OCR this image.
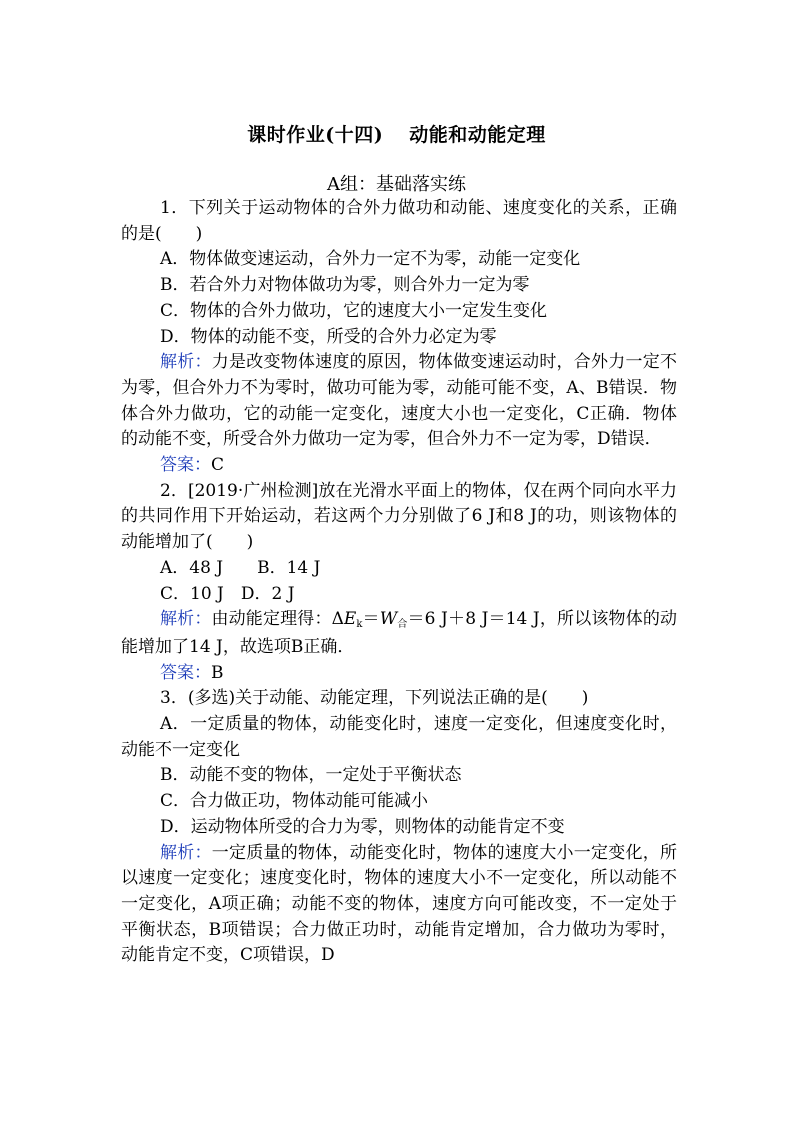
课时作业(十四) 动能和动能定理
A组：基础落实练

1．下列关于运动物体的合外力做功和动能、速度变化的关系，正确的是(　　)

A．物体做变速运动，合外力一定不为零，动能一定变化

B．若合外力对物体做功为零，则合外力一定为零

C．物体的合外力做功，它的速度大小一定发生变化

D．物体的动能不变，所受的合外力必定为零

解析：力是改变物体速度的原因，物体做变速运动时，合外力一定不为零，但合外力不为零时，做功可能为零，动能可能不变，A、B错误．物体合外力做功，它的动能一定变化，速度大小也一定变化，C正确．物体的动能不变，所受合外力做功一定为零，但合外力不一定为零，D错误．

答案：C

2．[2019·广州检测]放在光滑水平面上的物体，仅在两个同向水平力的共同作用下开始运动，若这两个力分别做了6 J和8 J的功，则该物体的动能增加了(　　)

A．48 J　　B．14 J

C．10 J　D．2 J

解析：由动能定理得：ΔEk＝W合＝6 J＋8 J＝14 J，所以该物体的动能增加了14 J，故选项B正确．

答案：B

3．(多选)关于动能、动能定理，下列说法正确的是(　　)

A．一定质量的物体，动能变化时，速度一定变化，但速度变化时，动能不一定变化

B．动能不变的物体，一定处于平衡状态

C．合力做正功，物体动能可能减小

D．运动物体所受的合力为零，则物体的动能肯定不变

解析：一定质量的物体，动能变化时，物体的速度大小一定变化，所以速度一定变化；速度变化时，物体的速度大小不一定变化，所以动能不一定变化，A项正确；动能不变的物体，速度方向可能改变，不一定处于平衡状态，B项错误；合力做正功时，动能肯定增加，合力做功为零时，动能肯定不变，C项错误，D
